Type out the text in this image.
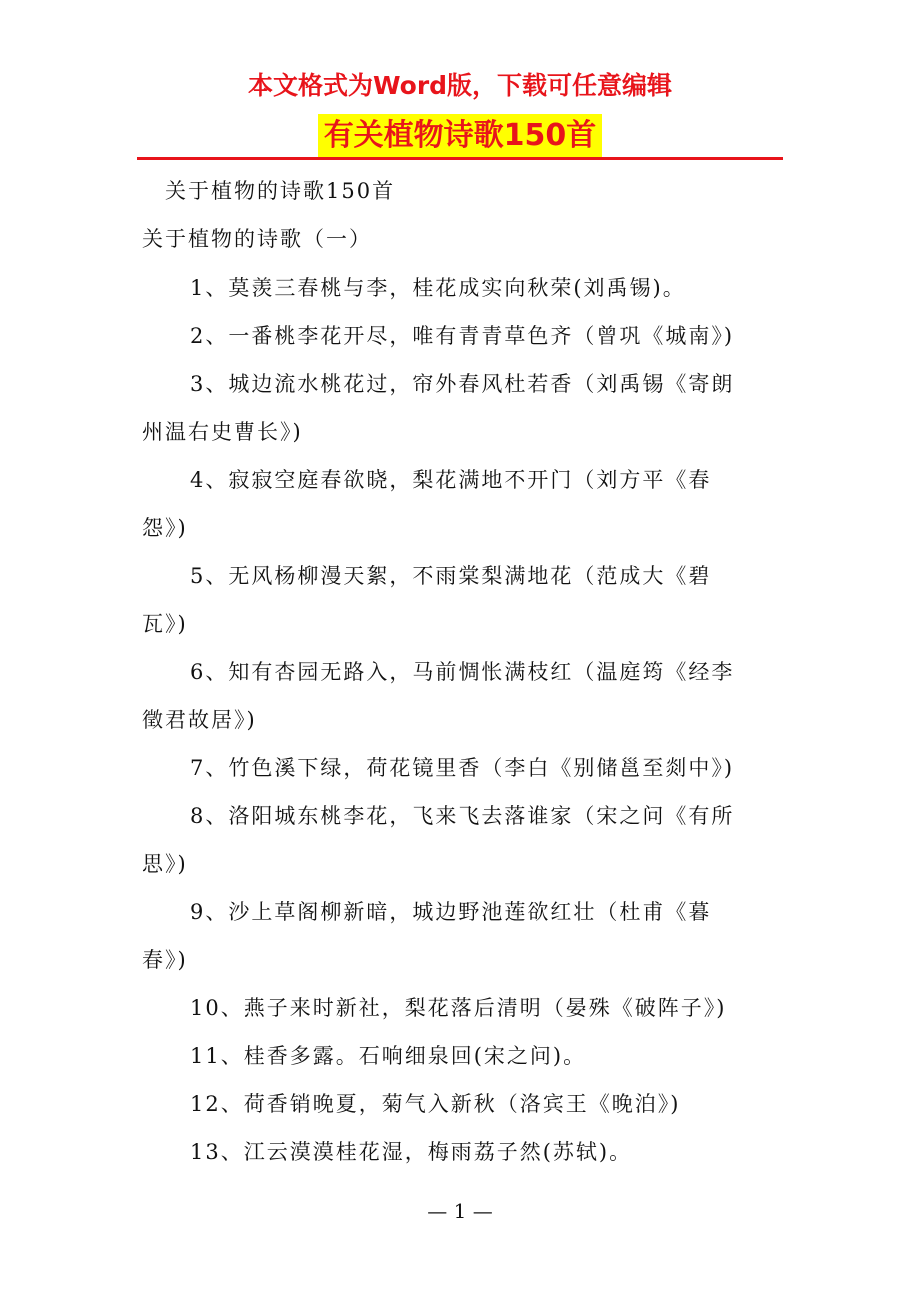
本文格式为Word版，下载可任意编辑
有关植物诗歌150首
关于植物的诗歌150首
关于植物的诗歌（一）
1、莫羡三春桃与李，桂花成实向秋荣(刘禹锡)。
2、一番桃李花开尽，唯有青青草色齐（曾巩《城南》)
3、城边流水桃花过，帘外春风杜若香（刘禹锡《寄朗
州温右史曹长》)
4、寂寂空庭春欲晓，梨花满地不开门（刘方平《春
怨》)
5、无风杨柳漫天絮，不雨棠梨满地花（范成大《碧
瓦》)
6、知有杏园无路入，马前惆怅满枝红（温庭筠《经李
徵君故居》)
7、竹色溪下绿，荷花镜里香（李白《别储邕至剡中》)
8、洛阳城东桃李花，飞来飞去落谁家（宋之问《有所
思》)
9、沙上草阁柳新暗，城边野池莲欲红壮（杜甫《暮
春》)
10、燕子来时新社，梨花落后清明（晏殊《破阵子》)
11、桂香多露。石响细泉回(宋之问)。
12、荷香销晚夏，菊气入新秋（洛宾王《晚泊》)
13、江云漠漠桂花湿，梅雨荔子然(苏轼)。
— 1 —
